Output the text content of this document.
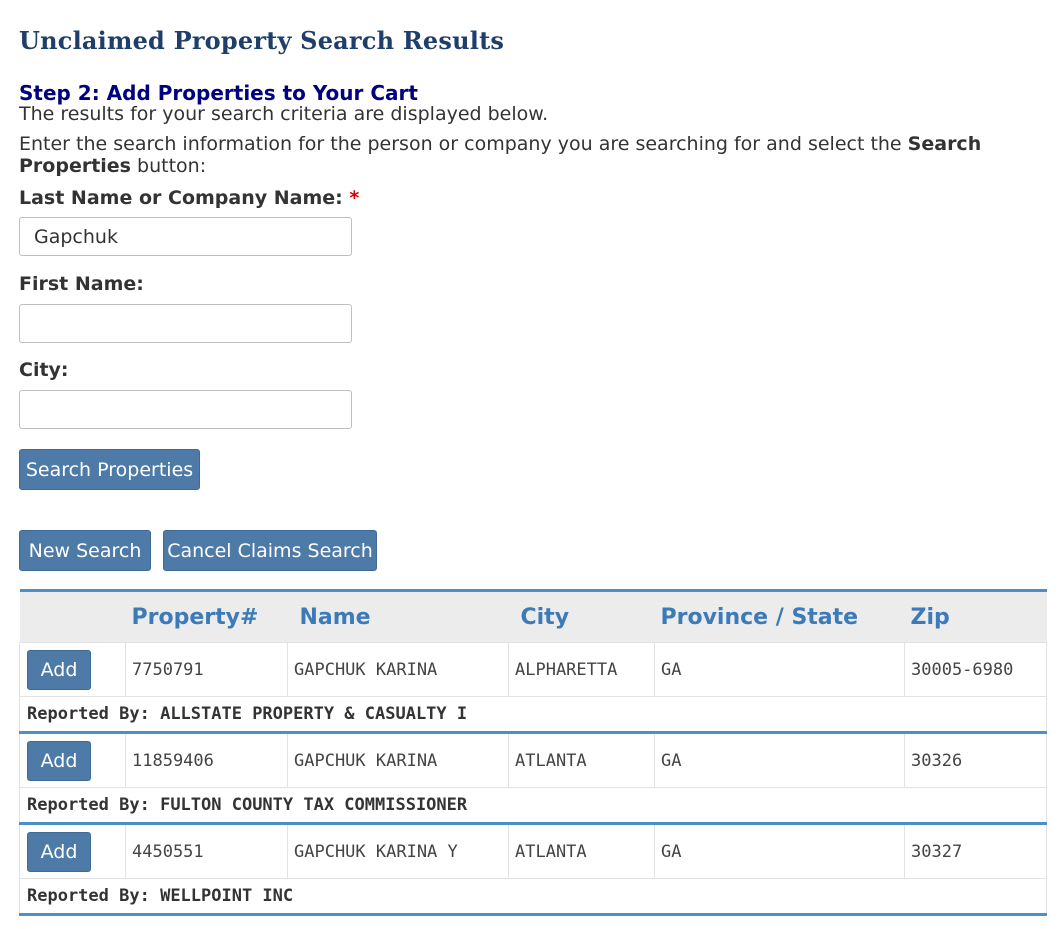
Unclaimed Property Search Results
Step 2: Add Properties to Your Cart
The results for your search criteria are displayed below.

Enter the search information for the person or company you are searching for and select the Search Properties button:

Last Name or Company Name: *
Gapchuk
First Name:
City:
Search Properties
New Search	Cancel Claims Search
	Property#	Name	City	Province / State	Zip

Add	7750791	GAPCHUK KARINA	ALPHARETTA	GA	30005-6980
Reported By: ALLSTATE PROPERTY & CASUALTY I					

Add	11859406	GAPCHUK KARINA	ATLANTA	GA	30326
Reported By: FULTON COUNTY TAX COMMISSIONER					

Add	4450551	GAPCHUK KARINA Y	ATLANTA	GA	30327
Reported By: WELLPOINT INC					
